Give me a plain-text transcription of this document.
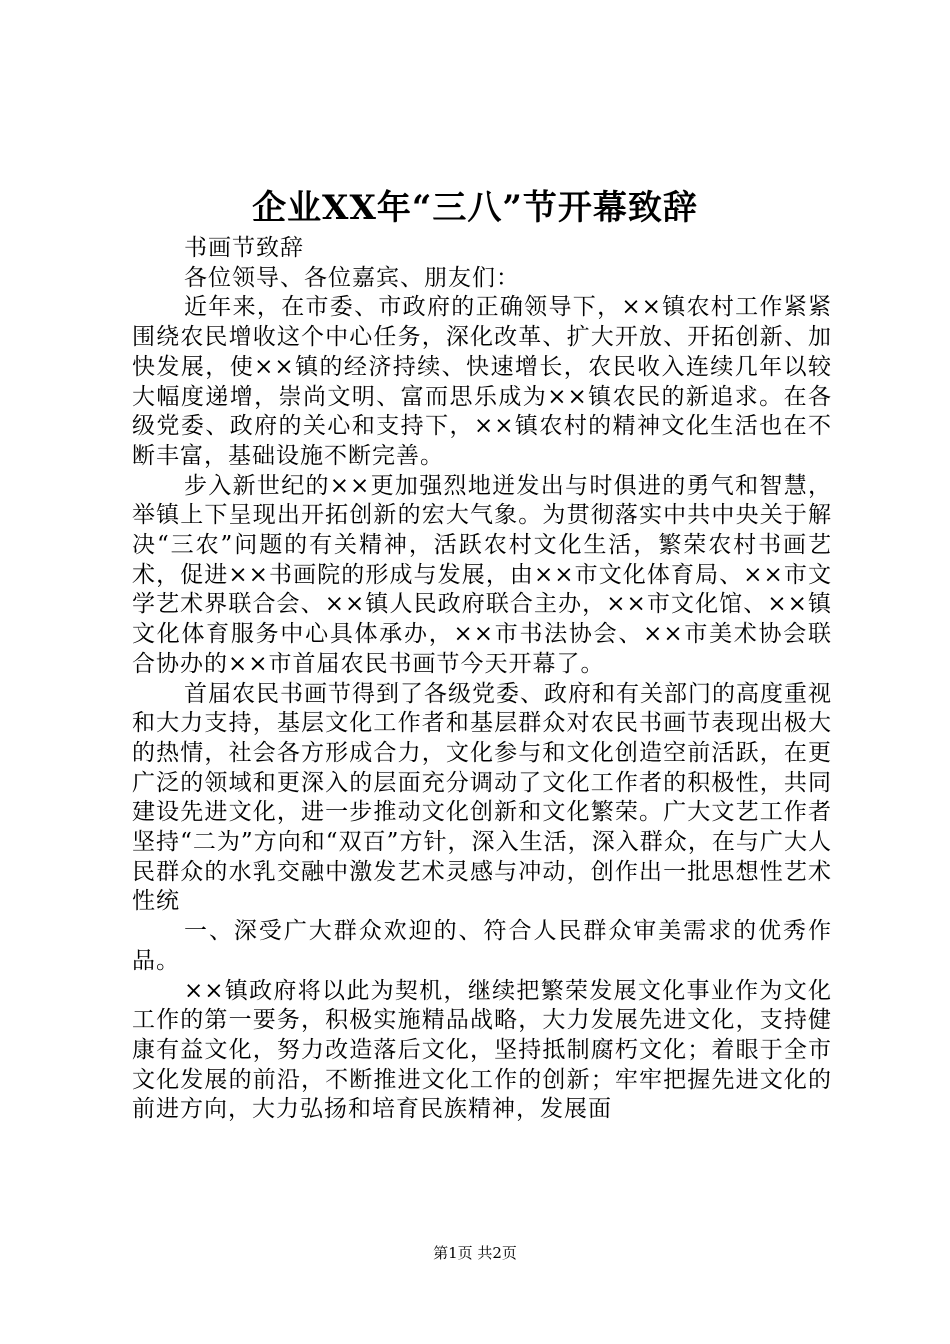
企业XX年“三八”节开幕致辞

书画节致辞

各位领导、各位嘉宾、朋友们：

近年来，在市委、市政府的正确领导下，××镇农村工作紧紧围绕农民增收这个中心任务，深化改革、扩大开放、开拓创新、加快发展，使××镇的经济持续、快速增长，农民收入连续几年以较大幅度递增，崇尚文明、富而思乐成为××镇农民的新追求。在各级党委、政府的关心和支持下，××镇农村的精神文化生活也在不断丰富，基础设施不断完善。

步入新世纪的××更加强烈地迸发出与时俱进的勇气和智慧，举镇上下呈现出开拓创新的宏大气象。为贯彻落实中共中央关于解决“三农”问题的有关精神，活跃农村文化生活，繁荣农村书画艺术，促进××书画院的形成与发展，由××市文化体育局、××市文学艺术界联合会、××镇人民政府联合主办，××市文化馆、××镇文化体育服务中心具体承办，××市书法协会、××市美术协会联合协办的××市首届农民书画节今天开幕了。

首届农民书画节得到了各级党委、政府和有关部门的高度重视和大力支持，基层文化工作者和基层群众对农民书画节表现出极大的热情，社会各方形成合力，文化参与和文化创造空前活跃，在更广泛的领域和更深入的层面充分调动了文化工作者的积极性，共同建设先进文化，进一步推动文化创新和文化繁荣。广大文艺工作者坚持“二为”方向和“双百”方针，深入生活，深入群众，在与广大人民群众的水乳交融中激发艺术灵感与冲动，创作出一批思想性艺术性统

一、深受广大群众欢迎的、符合人民群众审美需求的优秀作品。

××镇政府将以此为契机，继续把繁荣发展文化事业作为文化工作的第一要务，积极实施精品战略，大力发展先进文化，支持健康有益文化，努力改造落后文化，坚持抵制腐朽文化；着眼于全市文化发展的前沿，不断推进文化工作的创新；牢牢把握先进文化的前进方向，大力弘扬和培育民族精神，发展面

第1页 共2页
